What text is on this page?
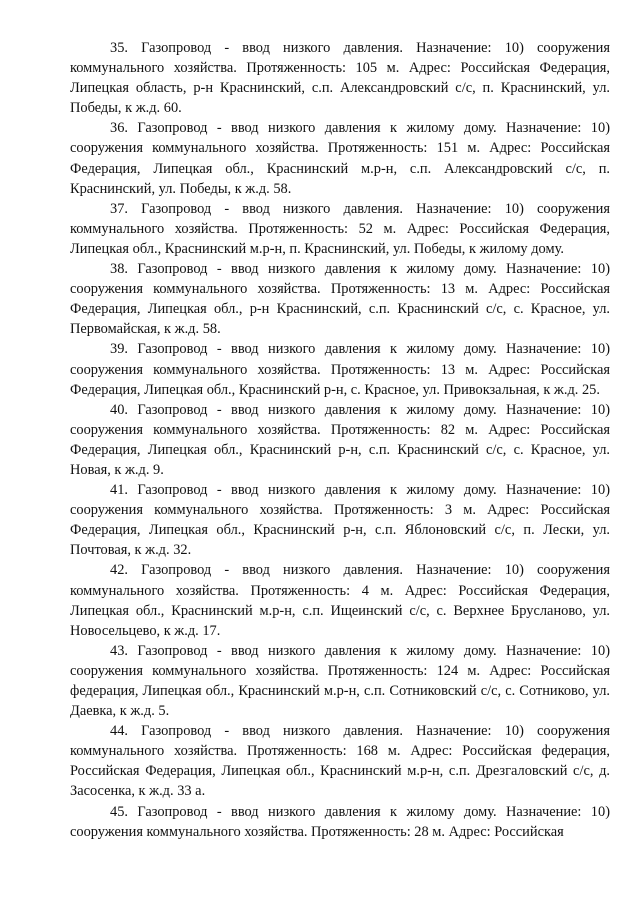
35. Газопровод - ввод низкого давления. Назначение: 10) сооружения коммунального хозяйства. Протяженность: 105 м. Адрес: Российская Федерация, Липецкая область, р-н Краснинский, с.п. Александровский с/с, п. Краснинский, ул. Победы, к ж.д. 60.

36. Газопровод - ввод низкого давления к жилому дому. Назначение: 10) сооружения коммунального хозяйства. Протяженность: 151 м. Адрес: Российская Федерация, Липецкая обл., Краснинский м.р-н, с.п. Александровский с/с, п. Краснинский, ул. Победы, к ж.д. 58.

37. Газопровод - ввод низкого давления. Назначение: 10) сооружения коммунального хозяйства. Протяженность: 52 м. Адрес: Российская Федерация, Липецкая обл., Краснинский м.р-н, п. Краснинский, ул. Победы, к жилому дому.

38. Газопровод - ввод низкого давления к жилому дому. Назначение: 10) сооружения коммунального хозяйства. Протяженность: 13 м. Адрес: Российская Федерация, Липецкая обл., р-н Краснинский, с.п. Краснинский с/с, с. Красное, ул. Первомайская, к ж.д. 58.

39. Газопровод - ввод низкого давления к жилому дому. Назначение: 10) сооружения коммунального хозяйства. Протяженность: 13 м. Адрес: Российская Федерация, Липецкая обл., Краснинский р-н, с. Красное, ул. Привокзальная, к ж.д. 25.

40. Газопровод - ввод низкого давления к жилому дому. Назначение: 10) сооружения коммунального хозяйства. Протяженность: 82 м. Адрес: Российская Федерация, Липецкая обл., Краснинский р-н, с.п. Краснинский с/с, с. Красное, ул. Новая, к ж.д. 9.

41. Газопровод - ввод низкого давления к жилому дому. Назначение: 10) сооружения коммунального хозяйства. Протяженность: 3 м. Адрес: Российская Федерация, Липецкая обл., Краснинский р-н, с.п. Яблоновский с/с, п. Лески, ул. Почтовая, к ж.д. 32.

42. Газопровод - ввод низкого давления. Назначение: 10) сооружения коммунального хозяйства. Протяженность: 4 м. Адрес: Российская Федерация, Липецкая обл., Краснинский м.р-н, с.п. Ищеинский с/с, с. Верхнее Брусланово, ул. Новосельцево, к ж.д. 17.

43. Газопровод - ввод низкого давления к жилому дому. Назначение: 10) сооружения коммунального хозяйства. Протяженность: 124 м. Адрес: Российская федерация, Липецкая обл., Краснинский м.р-н, с.п. Сотниковский с/с, с. Сотниково, ул. Даевка, к ж.д. 5.

44. Газопровод - ввод низкого давления. Назначение: 10) сооружения коммунального хозяйства. Протяженность: 168 м. Адрес: Российская федерация, Российская Федерация, Липецкая обл., Краснинский м.р-н, с.п. Дрезгаловский с/с, д. Засосенка, к ж.д. 33 а.

45. Газопровод - ввод низкого давления к жилому дому. Назначение: 10) сооружения коммунального хозяйства. Протяженность: 28 м. Адрес: Российская
